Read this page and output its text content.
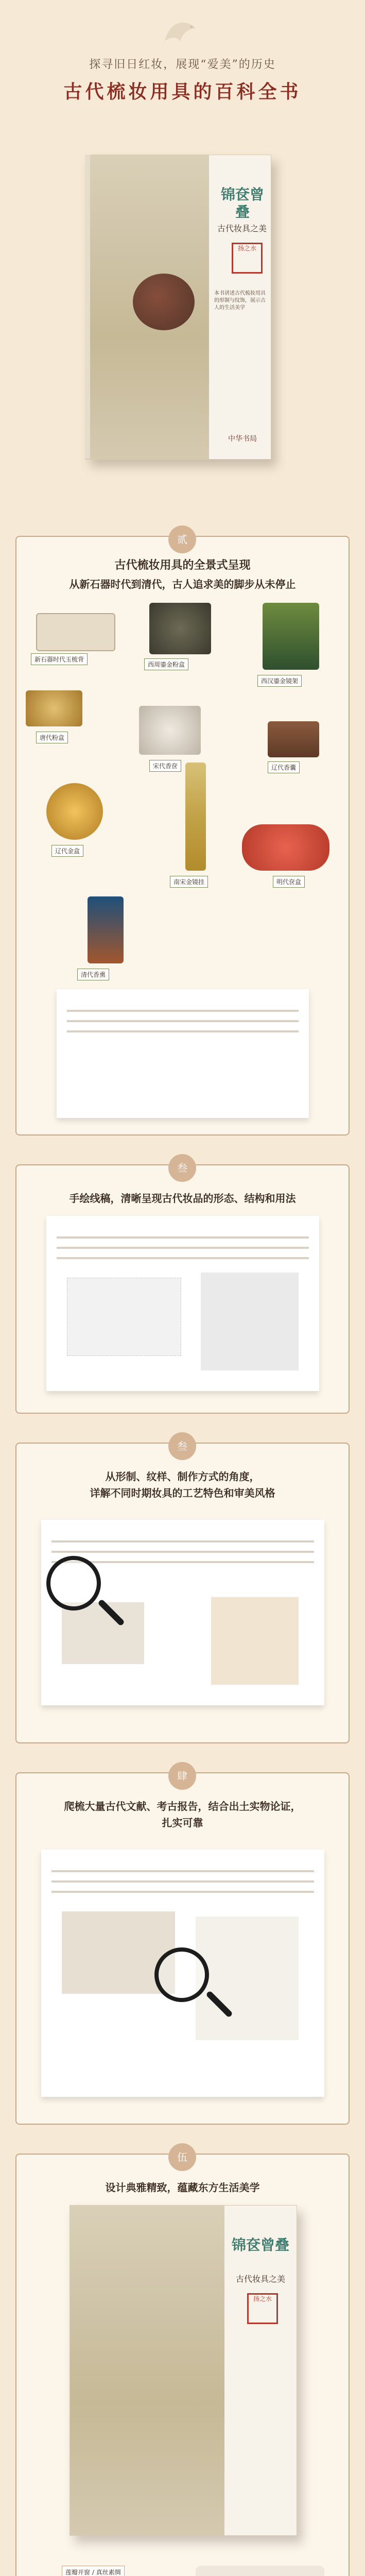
探寻旧日红妆，展现“爱美”的历史
古代梳妆用具的百科全书
锦奁曾叠
古代妆具之美
扬之水
本书讲述古代梳妆用具的形制与纹饰，展示古人的生活美学
中华书局
贰
古代梳妆用具的全景式呈现
从新石器时代到清代，古人追求美的脚步从未停止
新石器时代玉梳背
西周鎏金粉盒
西汉鎏金镜架
唐代粉盒
宋代香奁	辽代香囊
辽代金盒
南宋金镜挂	明代奁盒
清代香熏
叁
手绘线稿，清晰呈现古代妆品的形态、结构和用法
叁
从形制、纹样、制作方式的角度，
详解不同时期妆具的工艺特色和审美风格
肆
爬梳大量古代文献、考古报告，结合出土实物论证，
扎实可靠
伍
设计典雅精致，蕴藏东方生活美学
锦奁曾叠
古代妆具之美
扬之水
莲瓣开窗 / 真丝素绸
